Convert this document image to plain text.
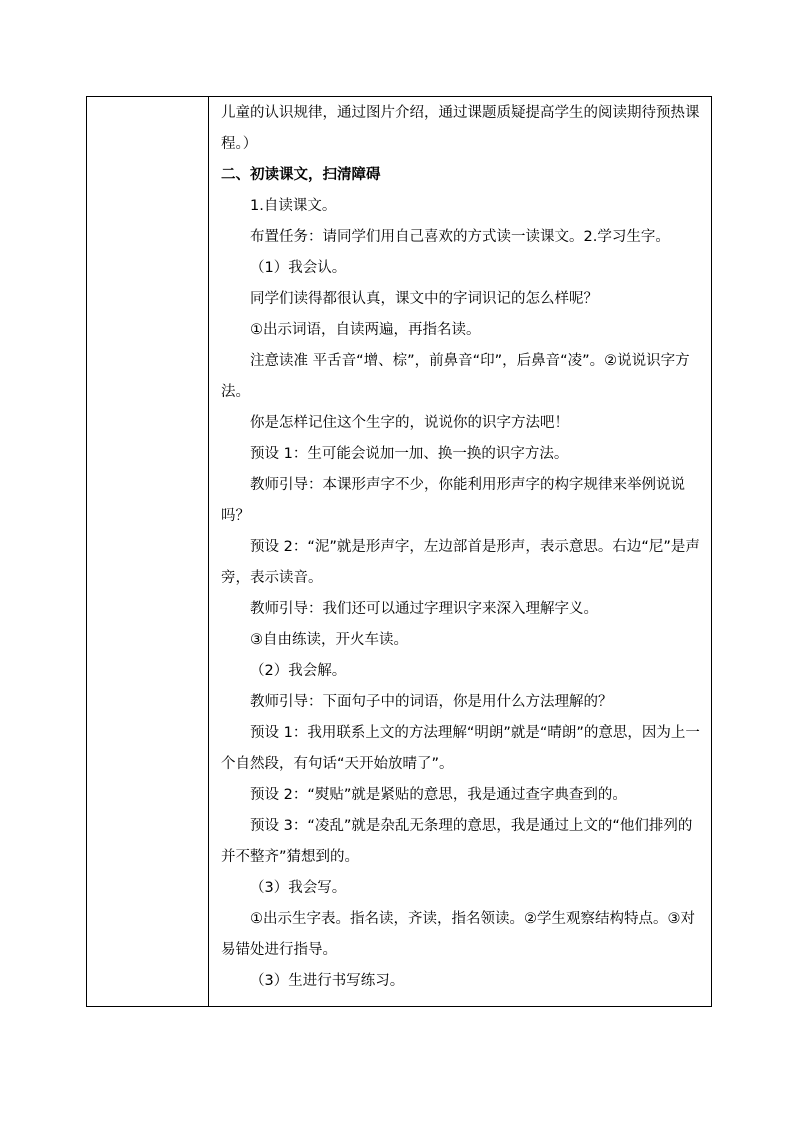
儿童的认识规律，通过图片介绍，通过课题质疑提高学生的阅读期待预热课程。）

二、初读课文，扫清障碍

1.自读课文。

布置任务：请同学们用自己喜欢的方式读一读课文。2.学习生字。

（1）我会认。

同学们读得都很认真，课文中的字词识记的怎么样呢？

①出示词语，自读两遍，再指名读。

注意读准 平舌音“增、棕”，前鼻音“印”，后鼻音“凌”。②说说识字方法。

你是怎样记住这个生字的，说说你的识字方法吧！

预设 1：生可能会说加一加、换一换的识字方法。

教师引导：本课形声字不少，你能利用形声字的构字规律来举例说说吗？

预设 2：“泥”就是形声字，左边部首是形声，表示意思。右边“尼”是声旁，表示读音。

教师引导：我们还可以通过字理识字来深入理解字义。

③自由练读，开火车读。

（2）我会解。

教师引导：下面句子中的词语，你是用什么方法理解的？

预设 1：我用联系上文的方法理解“明朗”就是“晴朗”的意思，因为上一个自然段，有句话“天开始放晴了”。

预设 2：“熨贴”就是紧贴的意思，我是通过查字典查到的。

预设 3：“凌乱”就是杂乱无条理的意思，我是通过上文的“他们排列的并不整齐”猜想到的。

（3）我会写。

①出示生字表。指名读，齐读，指名领读。②学生观察结构特点。③对易错处进行指导。

（3）生进行书写练习。
